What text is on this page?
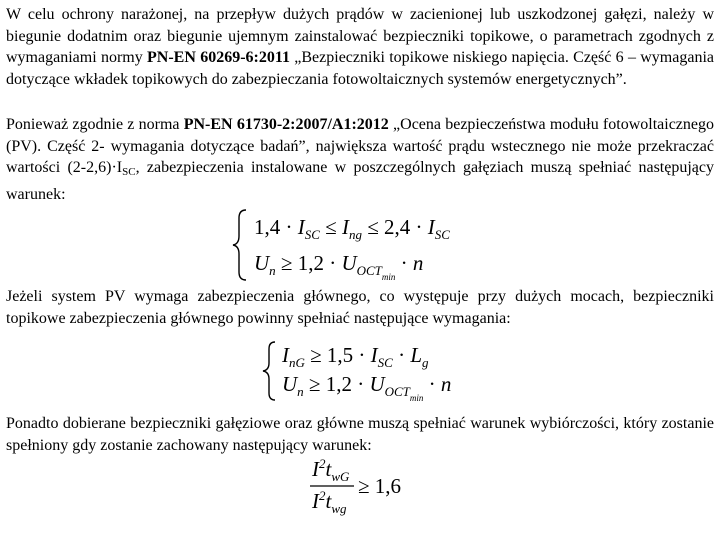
W celu ochrony narażonej, na przepływ dużych prądów w zacienionej lub uszkodzonej gałęzi, należy w biegunie dodatnim oraz biegunie ujemnym zainstalować bezpieczniki topikowe, o parametrach zgodnych z wymaganiami normy PN-EN 60269-6:2011 „Bezpieczniki topikowe niskiego napięcia. Część 6 – wymagania dotyczące wkładek topikowych do zabezpieczania fotowoltaicznych systemów energetycznych”.
Ponieważ zgodnie z norma PN-EN 61730-2:2007/A1:2012 „Ocena bezpieczeństwa modułu fotowoltaicznego (PV). Część 2- wymagania dotyczące badań”, największa wartość prądu wstecznego nie może przekraczać wartości $(2-2,6)\cdot I_{SC}$, zabezpieczenia instalowane w poszczególnych gałęziach muszą spełniać następujący warunek:
$1,4 \cdot I_{SC} \le I_{ng} \le 2,4 \cdot I_{SC}$
$U_n \ge 1,2 \cdot U_{OCTmin} \cdot n$
Jeżeli system PV wymaga zabezpieczenia głównego, co występuje przy dużych mocach, bezpieczniki topikowe zabezpieczenia głównego powinny spełniać następujące wymagania:
$I_{nG} \ge 1,5 \cdot I_{SC} \cdot L_g$
$U_n \ge 1,2 \cdot U_{OCTmin} \cdot n$
Ponadto dobierane bezpieczniki gałęziowe oraz główne muszą spełniać warunek wybiórczości, który zostanie spełniony gdy zostanie zachowany następujący warunek:
$I^2t_{wG}$
$I^2t_{wg}$
≥ 1,6
